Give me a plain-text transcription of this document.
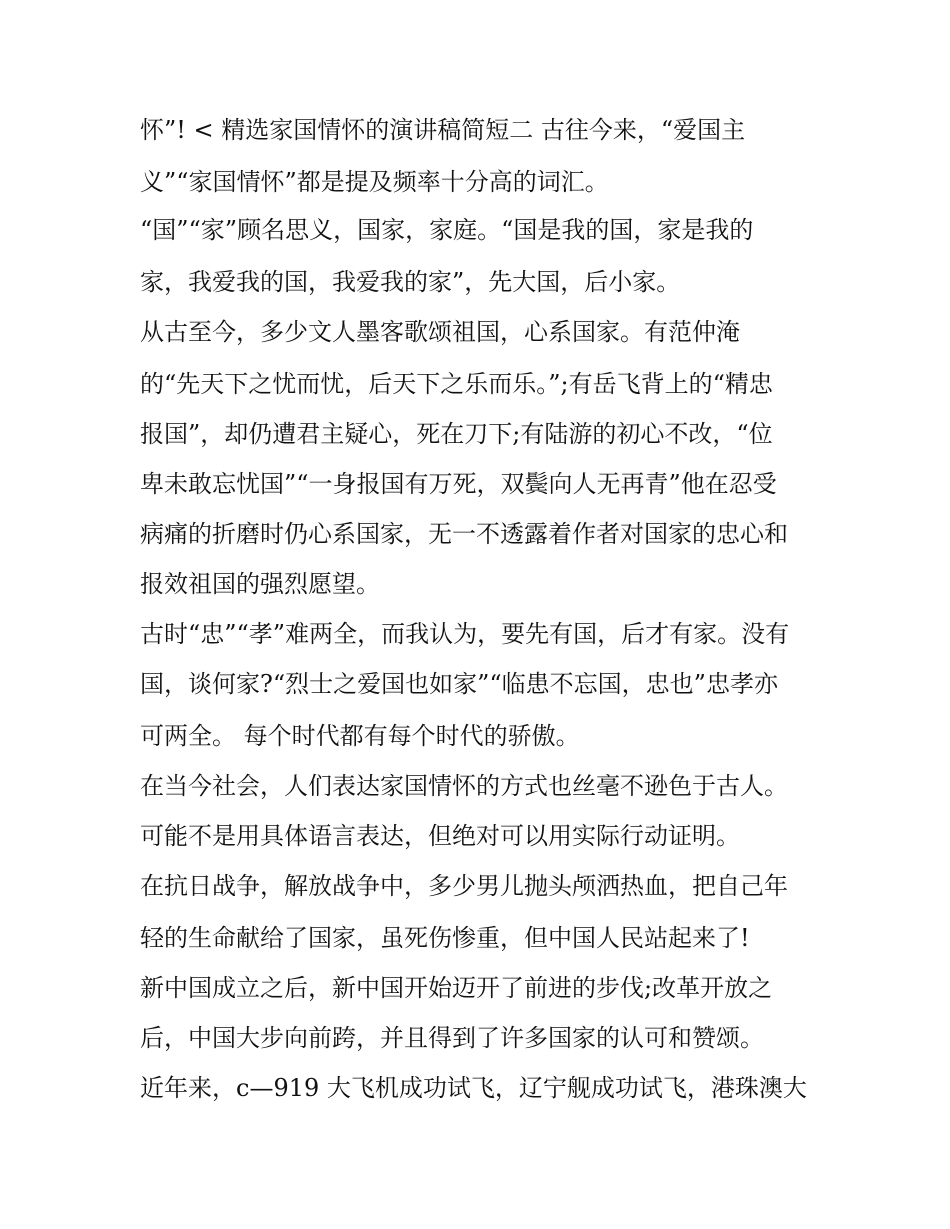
怀”! < 精选家国情怀的演讲稿简短二 古往今来，“爱国主
义”“家国情怀”都是提及频率十分高的词汇。
“国”“家”顾名思义，国家，家庭。“国是我的国，家是我的
家，我爱我的国，我爱我的家”，先大国，后小家。
从古至今，多少文人墨客歌颂祖国，心系国家。有范仲淹
的“先天下之忧而忧，后天下之乐而乐。”;有岳飞背上的“精忠
报国”，却仍遭君主疑心，死在刀下;有陆游的初心不改，“位
卑未敢忘忧国”“一身报国有万死，双鬓向人无再青”他在忍受
病痛的折磨时仍心系国家，无一不透露着作者对国家的忠心和
报效祖国的强烈愿望。
古时“忠”“孝”难两全，而我认为，要先有国，后才有家。没有
国，谈何家?“烈士之爱国也如家”“临患不忘国，忠也”忠孝亦
可两全。 每个时代都有每个时代的骄傲。
在当今社会，人们表达家国情怀的方式也丝毫不逊色于古人。
可能不是用具体语言表达，但绝对可以用实际行动证明。
在抗日战争，解放战争中，多少男儿抛头颅洒热血，把自己年
轻的生命献给了国家，虽死伤惨重，但中国人民站起来了!
新中国成立之后，新中国开始迈开了前进的步伐;改革开放之
后，中国大步向前跨，并且得到了许多国家的认可和赞颂。
近年来，c—919 大飞机成功试飞，辽宁舰成功试飞，港珠澳大
